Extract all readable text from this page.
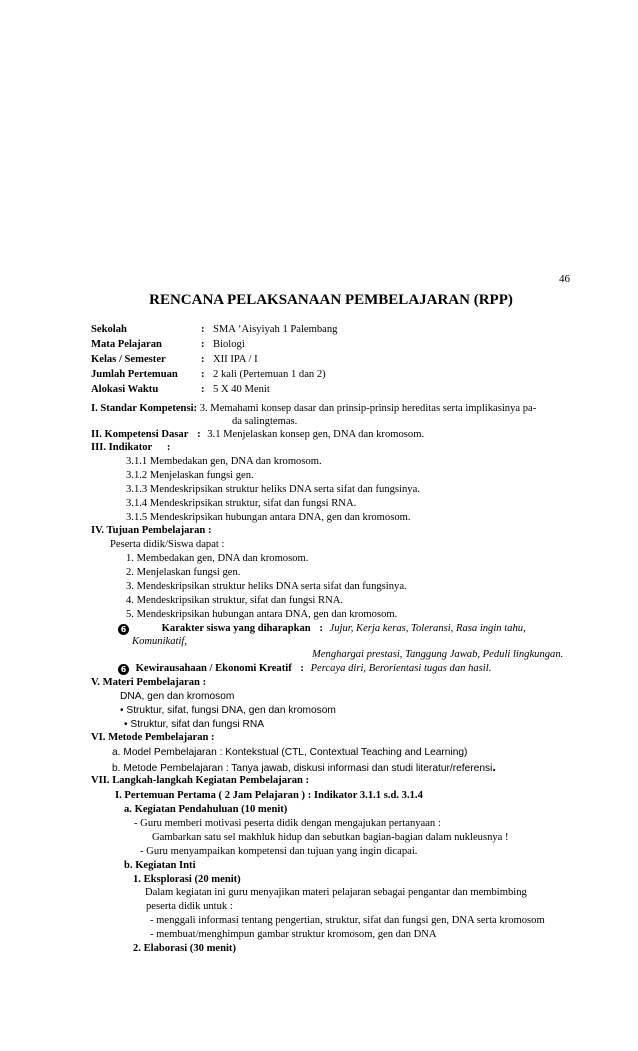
46
RENCANA PELAKSANAAN PEMBELAJARAN (RPP)
Sekolah	: SMA ‘Aisyiyah 1 Palembang
Mata Pelajaran	: Biologi
Kelas / Semester	: XII IPA / I
Jumlah Pertemuan : 2 kali (Pertemuan 1 dan 2)
Alokasi Waktu	: 5 X 40 Menit
I. Standar Kompetensi: 3. Memahami konsep dasar dan prinsip-prinsip hereditas serta implikasinya pa-
da salingtemas.
II. Kompetensi Dasar : 3.1 Menjelaskan konsep gen, DNA dan kromosom.
III. Indikator :
3.1.1 Membedakan gen, DNA dan kromosom.
3.1.2 Menjelaskan fungsi gen.
3.1.3 Mendeskripsikan struktur heliks DNA serta sifat dan fungsinya.
3.1.4 Mendeskripsikan struktur, sifat dan fungsi RNA.
3.1.5 Mendeskripsikan hubungan antara DNA, gen dan kromosom.
IV. Tujuan Pembelajaran :
Peserta didik/Siswa dapat :
1. Membedakan gen, DNA dan kromosom.
2. Menjelaskan fungsi gen.
3. Mendeskripsikan struktur heliks DNA serta sifat dan fungsinya.
4. Mendeskripsikan struktur, sifat dan fungsi RNA.
5. Mendeskripsikan hubungan antara DNA, gen dan kromosom.
6	Karakter siswa yang diharapkan : Jujur, Kerja keras, Toleransi, Rasa ingin tahu,
Komunikatif,
Menghargai prestasi, Tanggung Jawab, Peduli lingkungan.
6 Kewirausahaan / Ekonomi Kreatif : Percaya diri, Berorientasi tugas dan hasil.
V. Materi Pembelajaran :
DNA, gen dan kromosom
• Struktur, sifat, fungsi DNA, gen dan kromosom
• Struktur, sifat dan fungsi RNA
VI. Metode Pembelajaran :
a. Model Pembelajaran : Kontekstual (CTL, Contextual Teaching and Learning)
b. Metode Pembelajaran : Tanya jawab, diskusi informasi dan studi literatur/referensi.
VII. Langkah-langkah Kegiatan Pembelajaran :
I. Pertemuan Pertama ( 2 Jam Pelajaran ) : Indikator 3.1.1 s.d. 3.1.4
a. Kegiatan Pendahuluan (10 menit)
- Guru memberi motivasi peserta didik dengan mengajukan pertanyaan :
Gambarkan satu sel makhluk hidup dan sebutkan bagian-bagian dalam nukleusnya !
- Guru menyampaikan kompetensi dan tujuan yang ingin dicapai.
b. Kegiatan Inti
1. Eksplorasi (20 menit)
Dalam kegiatan ini guru menyajikan materi pelajaran sebagai pengantar dan membimbing
peserta didik untuk :
- menggali informasi tentang pengertian, struktur, sifat dan fungsi gen, DNA serta kromosom
- membuat/menghimpun gambar struktur kromosom, gen dan DNA
2. Elaborasi (30 menit)
